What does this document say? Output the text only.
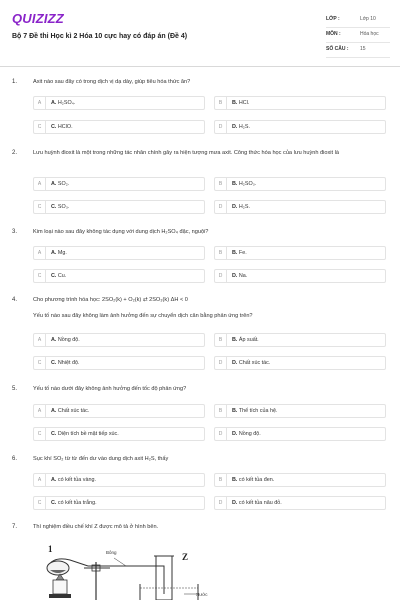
QUIZIZZ
Bộ 7 Đề thi Học kì 2 Hóa 10 cực hay có đáp án (Đề 4)
LỚP :	Lớp 10
MÔN :	Hóa học
SỐ CÂU : 15
1.	Axit nào sau đây có trong dịch vị dạ dày, giúp tiêu hóa thức ăn?
A	A. H₂SO₄.	B	B. HCl.
C	C. HClO.	D	D. H₂S.
2.	Lưu huỳnh đioxit là một trong những tác nhân chính gây ra hiện tượng mưa axit. Công thức hóa học của lưu huỳnh đioxit là
A	A. SO₂.	B	B. H₂SO₃.
C	C. SO₃.	D	D. H₂S.
3.	Kim loại nào sau đây không tác dụng với dung dịch H₂SO₄ đặc, nguội?
A	A. Mg.	B	B. Fe.
C	C. Cu.	D	D. Na.
4.	Cho phương trình hóa học: 2SO₂(k) + O₂(k) ⇄ 2SO₃(k) ΔH < 0
Yếu tố nào sau đây không làm ảnh hưởng đến sự chuyển dịch cân bằng phản ứng trên?
A	A. Nồng độ.	B	B. Áp suất.
C	C. Nhiệt độ.	D	D. Chất xúc tác.
5.	Yếu tố nào dưới đây không ảnh hưởng đến tốc độ phản ứng?
A	A. Chất xúc tác.	B	B. Thể tích của hệ.
C	C. Diện tích bề mặt tiếp xúc.	D	D. Nồng độ.
6.	Sục khí SO₂ từ từ đến dư vào dung dịch axit H₂S, thấy
A	A. có kết tủa vàng.	B	B. có kết tủa đen.
C	C. có kết tủa trắng.	D	D. có kết tủa nâu đỏ.
7.	Thí nghiệm điều chế khí Z được mô tả ở hình bên.
1
Z
Bông
Nước
